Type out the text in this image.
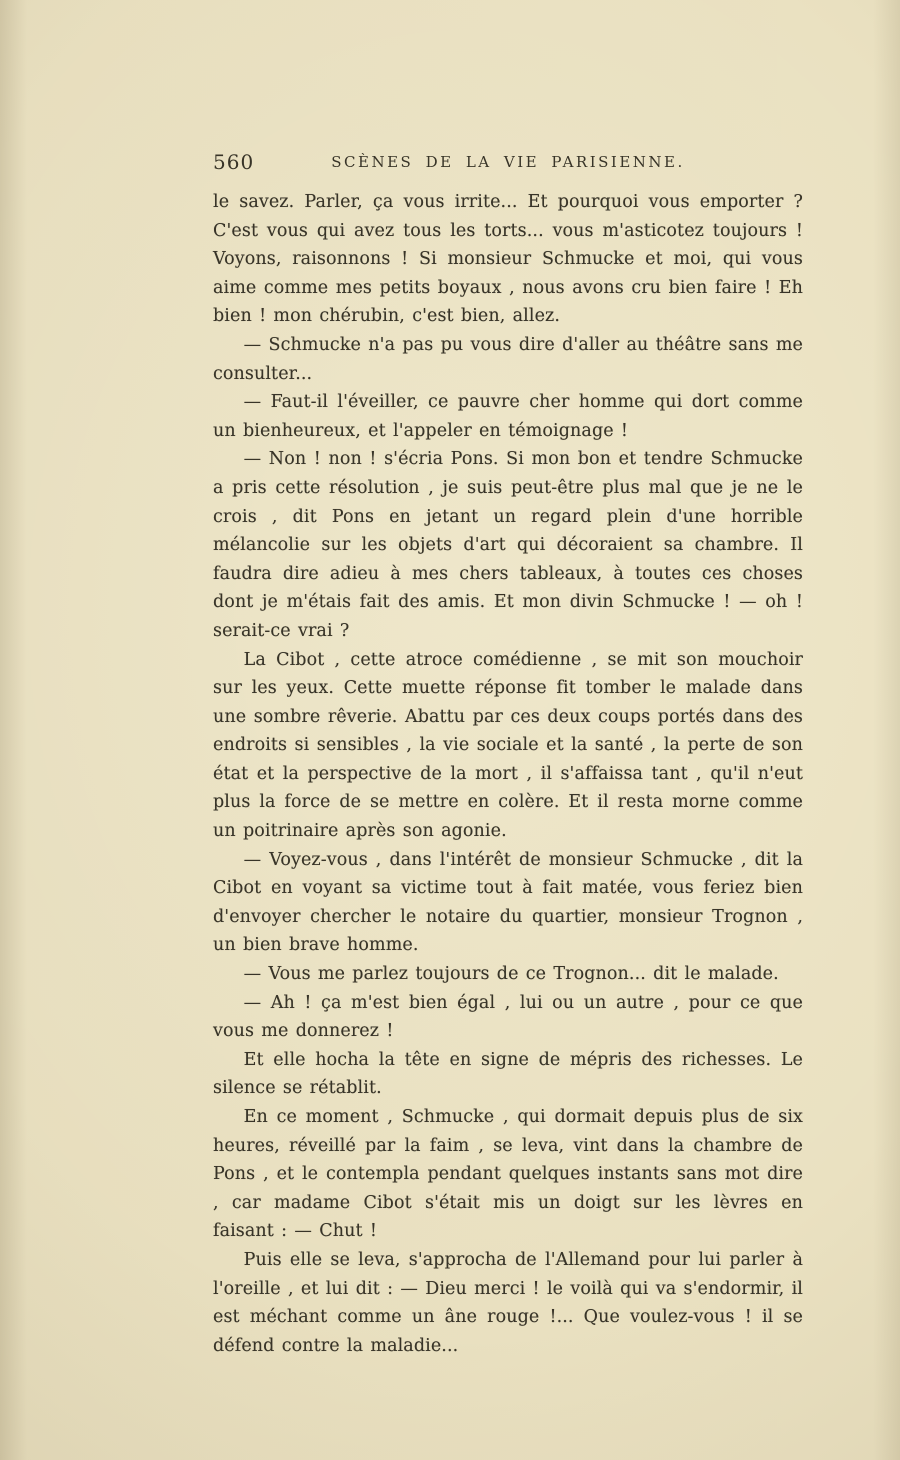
560	SCÈNES DE LA VIE PARISIENNE.

le savez. Parler, ça vous irrite... Et pourquoi vous emporter ? C'est vous qui avez tous les torts... vous m'asticotez toujours ! Voyons, raisonnons ! Si monsieur Schmucke et moi, qui vous aime comme mes petits boyaux , nous avons cru bien faire ! Eh bien ! mon chérubin, c'est bien, allez.

— Schmucke n'a pas pu vous dire d'aller au théâtre sans me consulter...

— Faut-il l'éveiller, ce pauvre cher homme qui dort comme un bienheureux, et l'appeler en témoignage !

— Non ! non ! s'écria Pons. Si mon bon et tendre Schmucke a pris cette résolution , je suis peut-être plus mal que je ne le crois , dit Pons en jetant un regard plein d'une horrible mélancolie sur les objets d'art qui décoraient sa chambre. Il faudra dire adieu à mes chers tableaux, à toutes ces choses dont je m'étais fait des amis. Et mon divin Schmucke ! — oh ! serait-ce vrai ?

La Cibot , cette atroce comédienne , se mit son mouchoir sur les yeux. Cette muette réponse fit tomber le malade dans une sombre rêverie. Abattu par ces deux coups portés dans des endroits si sensibles , la vie sociale et la santé , la perte de son état et la perspective de la mort , il s'affaissa tant , qu'il n'eut plus la force de se mettre en colère. Et il resta morne comme un poitrinaire après son agonie.

— Voyez-vous , dans l'intérêt de monsieur Schmucke , dit la Cibot en voyant sa victime tout à fait matée, vous feriez bien d'envoyer chercher le notaire du quartier, monsieur Trognon , un bien brave homme.

— Vous me parlez toujours de ce Trognon... dit le malade.

— Ah ! ça m'est bien égal , lui ou un autre , pour ce que vous me donnerez !

Et elle hocha la tête en signe de mépris des richesses. Le silence se rétablit.

En ce moment , Schmucke , qui dormait depuis plus de six heures, réveillé par la faim , se leva, vint dans la chambre de Pons , et le contempla pendant quelques instants sans mot dire , car madame Cibot s'était mis un doigt sur les lèvres en faisant : — Chut !

Puis elle se leva, s'approcha de l'Allemand pour lui parler à l'oreille , et lui dit : — Dieu merci ! le voilà qui va s'endormir, il est méchant comme un âne rouge !... Que voulez-vous ! il se défend contre la maladie...
